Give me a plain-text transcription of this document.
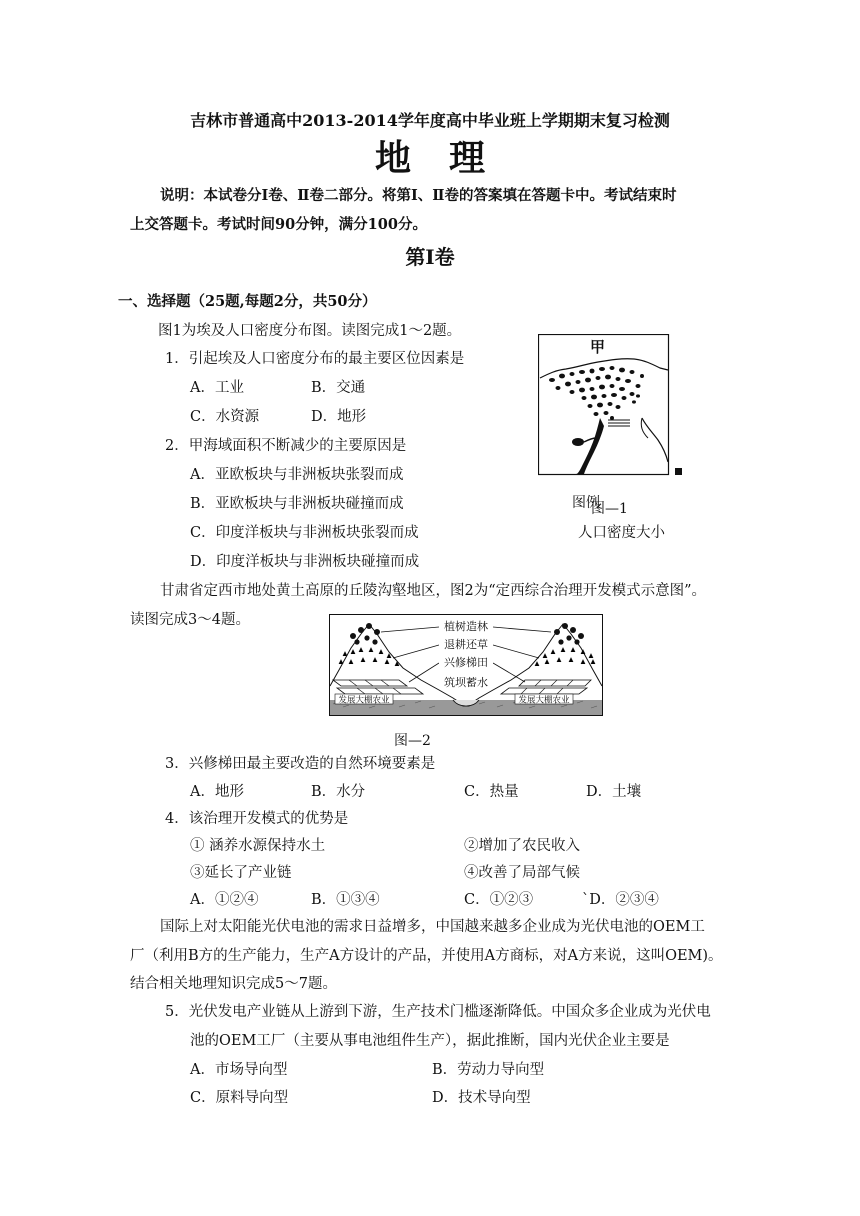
吉林市普通高中2013-2014学年度高中毕业班上学期期末复习检测
地理
说明：本试卷分Ⅰ卷、Ⅱ卷二部分。将第Ⅰ、Ⅱ卷的答案填在答题卡中。考试结束时
上交答题卡。考试时间90分钟，满分100分。
第Ⅰ卷
一、选择题（25题,每题2分，共50分）
图1为埃及人口密度分布图。读图完成1～2题。
1．引起埃及人口密度分布的最主要区位因素是
A．工业	B．交通
C．水资源	D．地形
2．甲海域面积不断减少的主要原因是
A．亚欧板块与非洲板块张裂而成
B．亚欧板块与非洲板块碰撞而成
C．印度洋板块与非洲板块张裂而成
D．印度洋板块与非洲板块碰撞而成
甲
图例
图—1
人口密度大小
甘肃省定西市地处黄土高原的丘陵沟壑地区，图2为“定西综合治理开发模式示意图”。
读图完成3～4题。	植树造林
退耕还草
兴修梯田
筑坝蓄水
发展大棚农业	发展大棚农业
图—2
3．兴修梯田最主要改造的自然环境要素是
A．地形	B．水分	C．热量	D．土壤
4．该治理开发模式的优势是
① 涵养水源保持水土	②增加了农民收入
③延长了产业链	④改善了局部气候
A．①②④	B．①③④	C．①②③	`D．②③④
国际上对太阳能光伏电池的需求日益增多，中国越来越多企业成为光伏电池的OEM工
厂（利用B方的生产能力，生产A方设计的产品，并使用A方商标，对A方来说，这叫OEM)。
结合相关地理知识完成5～7题。
5．光伏发电产业链从上游到下游，生产技术门槛逐渐降低。中国众多企业成为光伏电
池的OEM工厂（主要从事电池组件生产），据此推断，国内光伏企业主要是
A．市场导向型	B．劳动力导向型
C．原料导向型	D．技术导向型
